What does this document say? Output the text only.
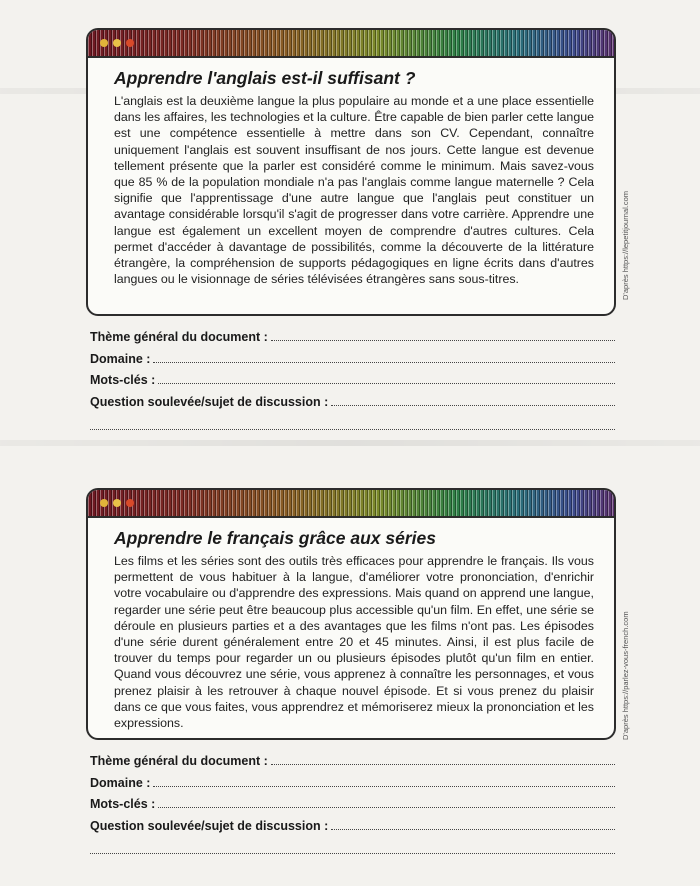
Apprendre l'anglais est-il suffisant ?

L'anglais est la deuxième langue la plus populaire au monde et a une place essentielle dans les affaires, les technologies et la culture. Être capable de bien parler cette langue est une compétence essentielle à mettre dans son CV. Cependant, connaître uniquement l'anglais est souvent insuffisant de nos jours. Cette langue est devenue tellement présente que la parler est considéré comme le minimum. Mais savez-vous que 85 % de la population mondiale n'a pas l'anglais comme langue maternelle ? Cela signifie que l'apprentissage d'une autre langue que l'anglais peut constituer un avantage considérable lorsqu'il s'agit de progresser dans votre carrière. Apprendre une langue est également un excellent moyen de comprendre d'autres cultures. Cela permet d'accéder à davantage de possibilités, comme la découverte de la littérature étrangère, la compréhension de supports pédagogiques en ligne écrits dans d'autres langues ou le visionnage de séries télévisées étrangères sans sous-titres.	D'après https://lepetitjournal.com
Thème général du document :
Domaine :
Mots-clés :
Question soulevée/sujet de discussion :
Apprendre le français grâce aux séries

Les films et les séries sont des outils très efficaces pour apprendre le français. Ils vous permettent de vous habituer à la langue, d'améliorer votre prononciation, d'enrichir votre vocabulaire ou d'apprendre des expressions. Mais quand on apprend une langue, regarder une série peut être beaucoup plus accessible qu'un film. En effet, une série se déroule en plusieurs parties et a des avantages que les films n'ont pas. Les épisodes d'une série durent généralement entre 20 et 45 minutes. Ainsi, il est plus facile de trouver du temps pour regarder un ou plusieurs épisodes plutôt qu'un film en entier. Quand vous découvrez une série, vous apprenez à connaître les personnages, et vous prenez plaisir à les retrouver à chaque nouvel épisode. Et si vous prenez du plaisir dans ce que vous faites, vous apprendrez et mémoriserez mieux la prononciation et les expressions.	D'après https://parlez-vous-french.com
Thème général du document :
Domaine :
Mots-clés :
Question soulevée/sujet de discussion :
